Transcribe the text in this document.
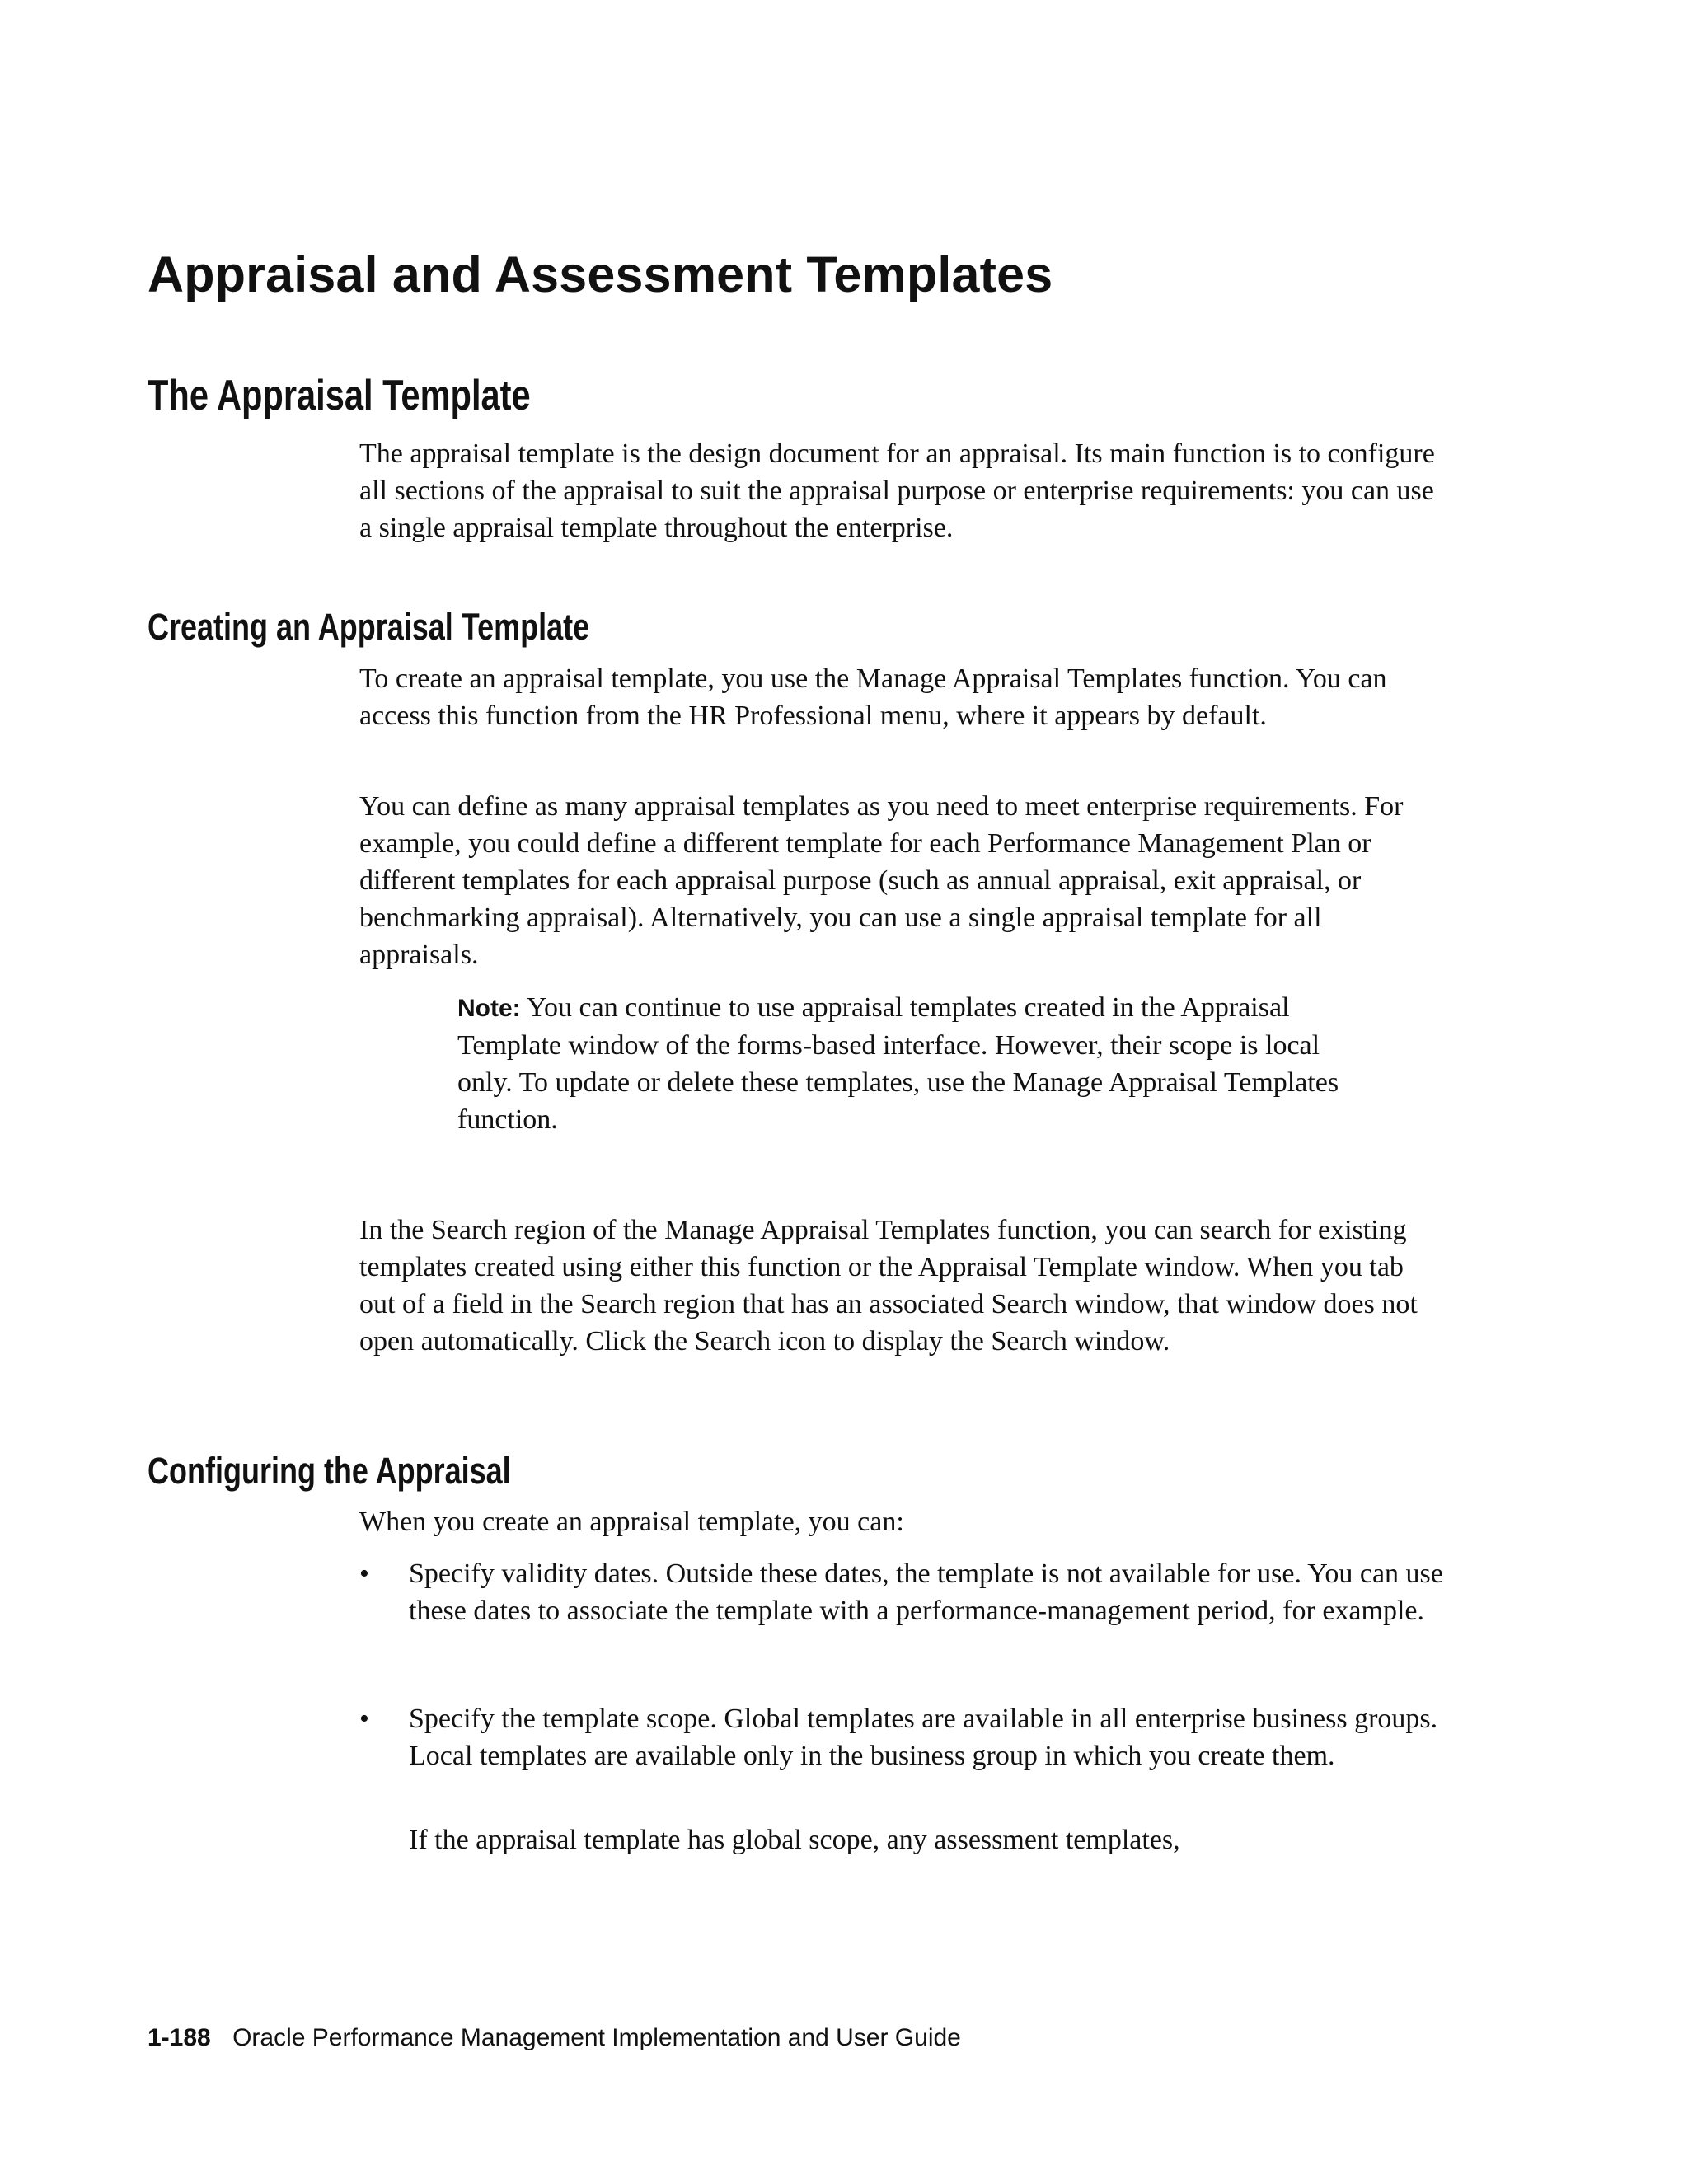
Appraisal and Assessment Templates
The Appraisal Template

The appraisal template is the design document for an appraisal. Its main function is to configure all sections of the appraisal to suit the appraisal purpose or enterprise requirements: you can use a single appraisal template throughout the enterprise.

Creating an Appraisal Template

To create an appraisal template, you use the Manage Appraisal Templates function. You can access this function from the HR Professional menu, where it appears by default.

You can define as many appraisal templates as you need to meet enterprise requirements. For example, you could define a different template for each Performance Management Plan or different templates for each appraisal purpose (such as annual appraisal, exit appraisal, or benchmarking appraisal). Alternatively, you can use a single appraisal template for all appraisals.

Note: You can continue to use appraisal templates created in the Appraisal Template window of the forms-based interface. However, their scope is local only. To update or delete these templates, use the Manage Appraisal Templates function.

In the Search region of the Manage Appraisal Templates function, you can search for existing templates created using either this function or the Appraisal Template window. When you tab out of a field in the Search region that has an associated Search window, that window does not open automatically. Click the Search icon to display the Search window.

Configuring the Appraisal

When you create an appraisal template, you can:

• Specify validity dates. Outside these dates, the template is not available for use. You can use these dates to associate the template with a performance-management period, for example.

• Specify the template scope. Global templates are available in all enterprise business groups. Local templates are available only in the business group in which you create them.

If the appraisal template has global scope, any assessment templates,

1-188 Oracle Performance Management Implementation and User Guide
